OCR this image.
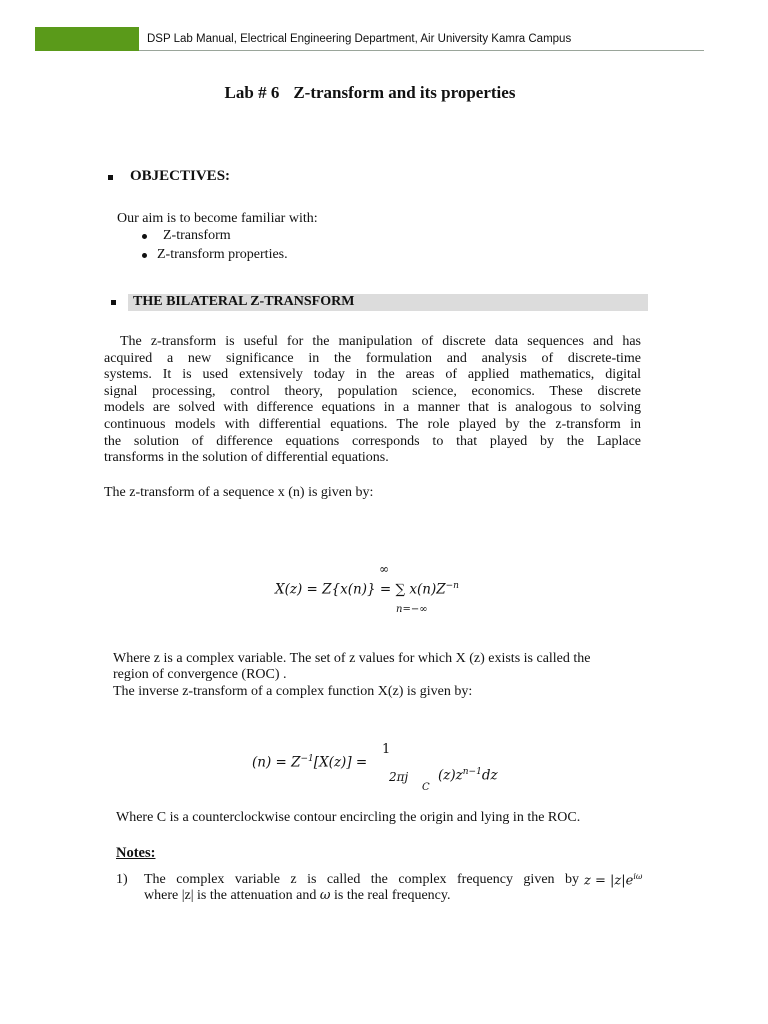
DSP Lab Manual, Electrical Engineering Department, Air University Kamra Campus
Lab # 6 Z-transform and its properties
OBJECTIVES:
Our aim is to become familiar with:
Z-transform
Z-transform properties.
THE BILATERAL Z-TRANSFORM
The z-transform is useful for the manipulation of discrete data sequences and has
acquired a new significance in the formulation and analysis of discrete-time
systems. It is used extensively today in the areas of applied mathematics, digital
signal processing, control theory, population science, economics. These discrete
models are solved with difference equations in a manner that is analogous to solving
continuous models with differential equations. The role played by the z-transform in
the solution of difference equations corresponds to that played by the Laplace
transforms in the solution of differential equations.
The z-transform of a sequence x (n) is given by:
∞
X(z) = Z{x(n)} = ∑ $x(n)Z^{-n}$
n=−∞
Where z is a complex variable. The set of z values for which X (z) exists is called the
region of convergence (ROC) .
The inverse z-transform of a complex function X(z) is given by:
1
$(n) = Z^{-1}[X(z)]$ =
2πj $(z)z^{n-1}dz$
C
Where C is a counterclockwise contour encircling the origin and lying in the ROC.
Notes:
1) The complex variable z is called the complex frequency given by $z = |z|e^{i\omega}$
where |z| is the attenuation and ω is the real frequency.
